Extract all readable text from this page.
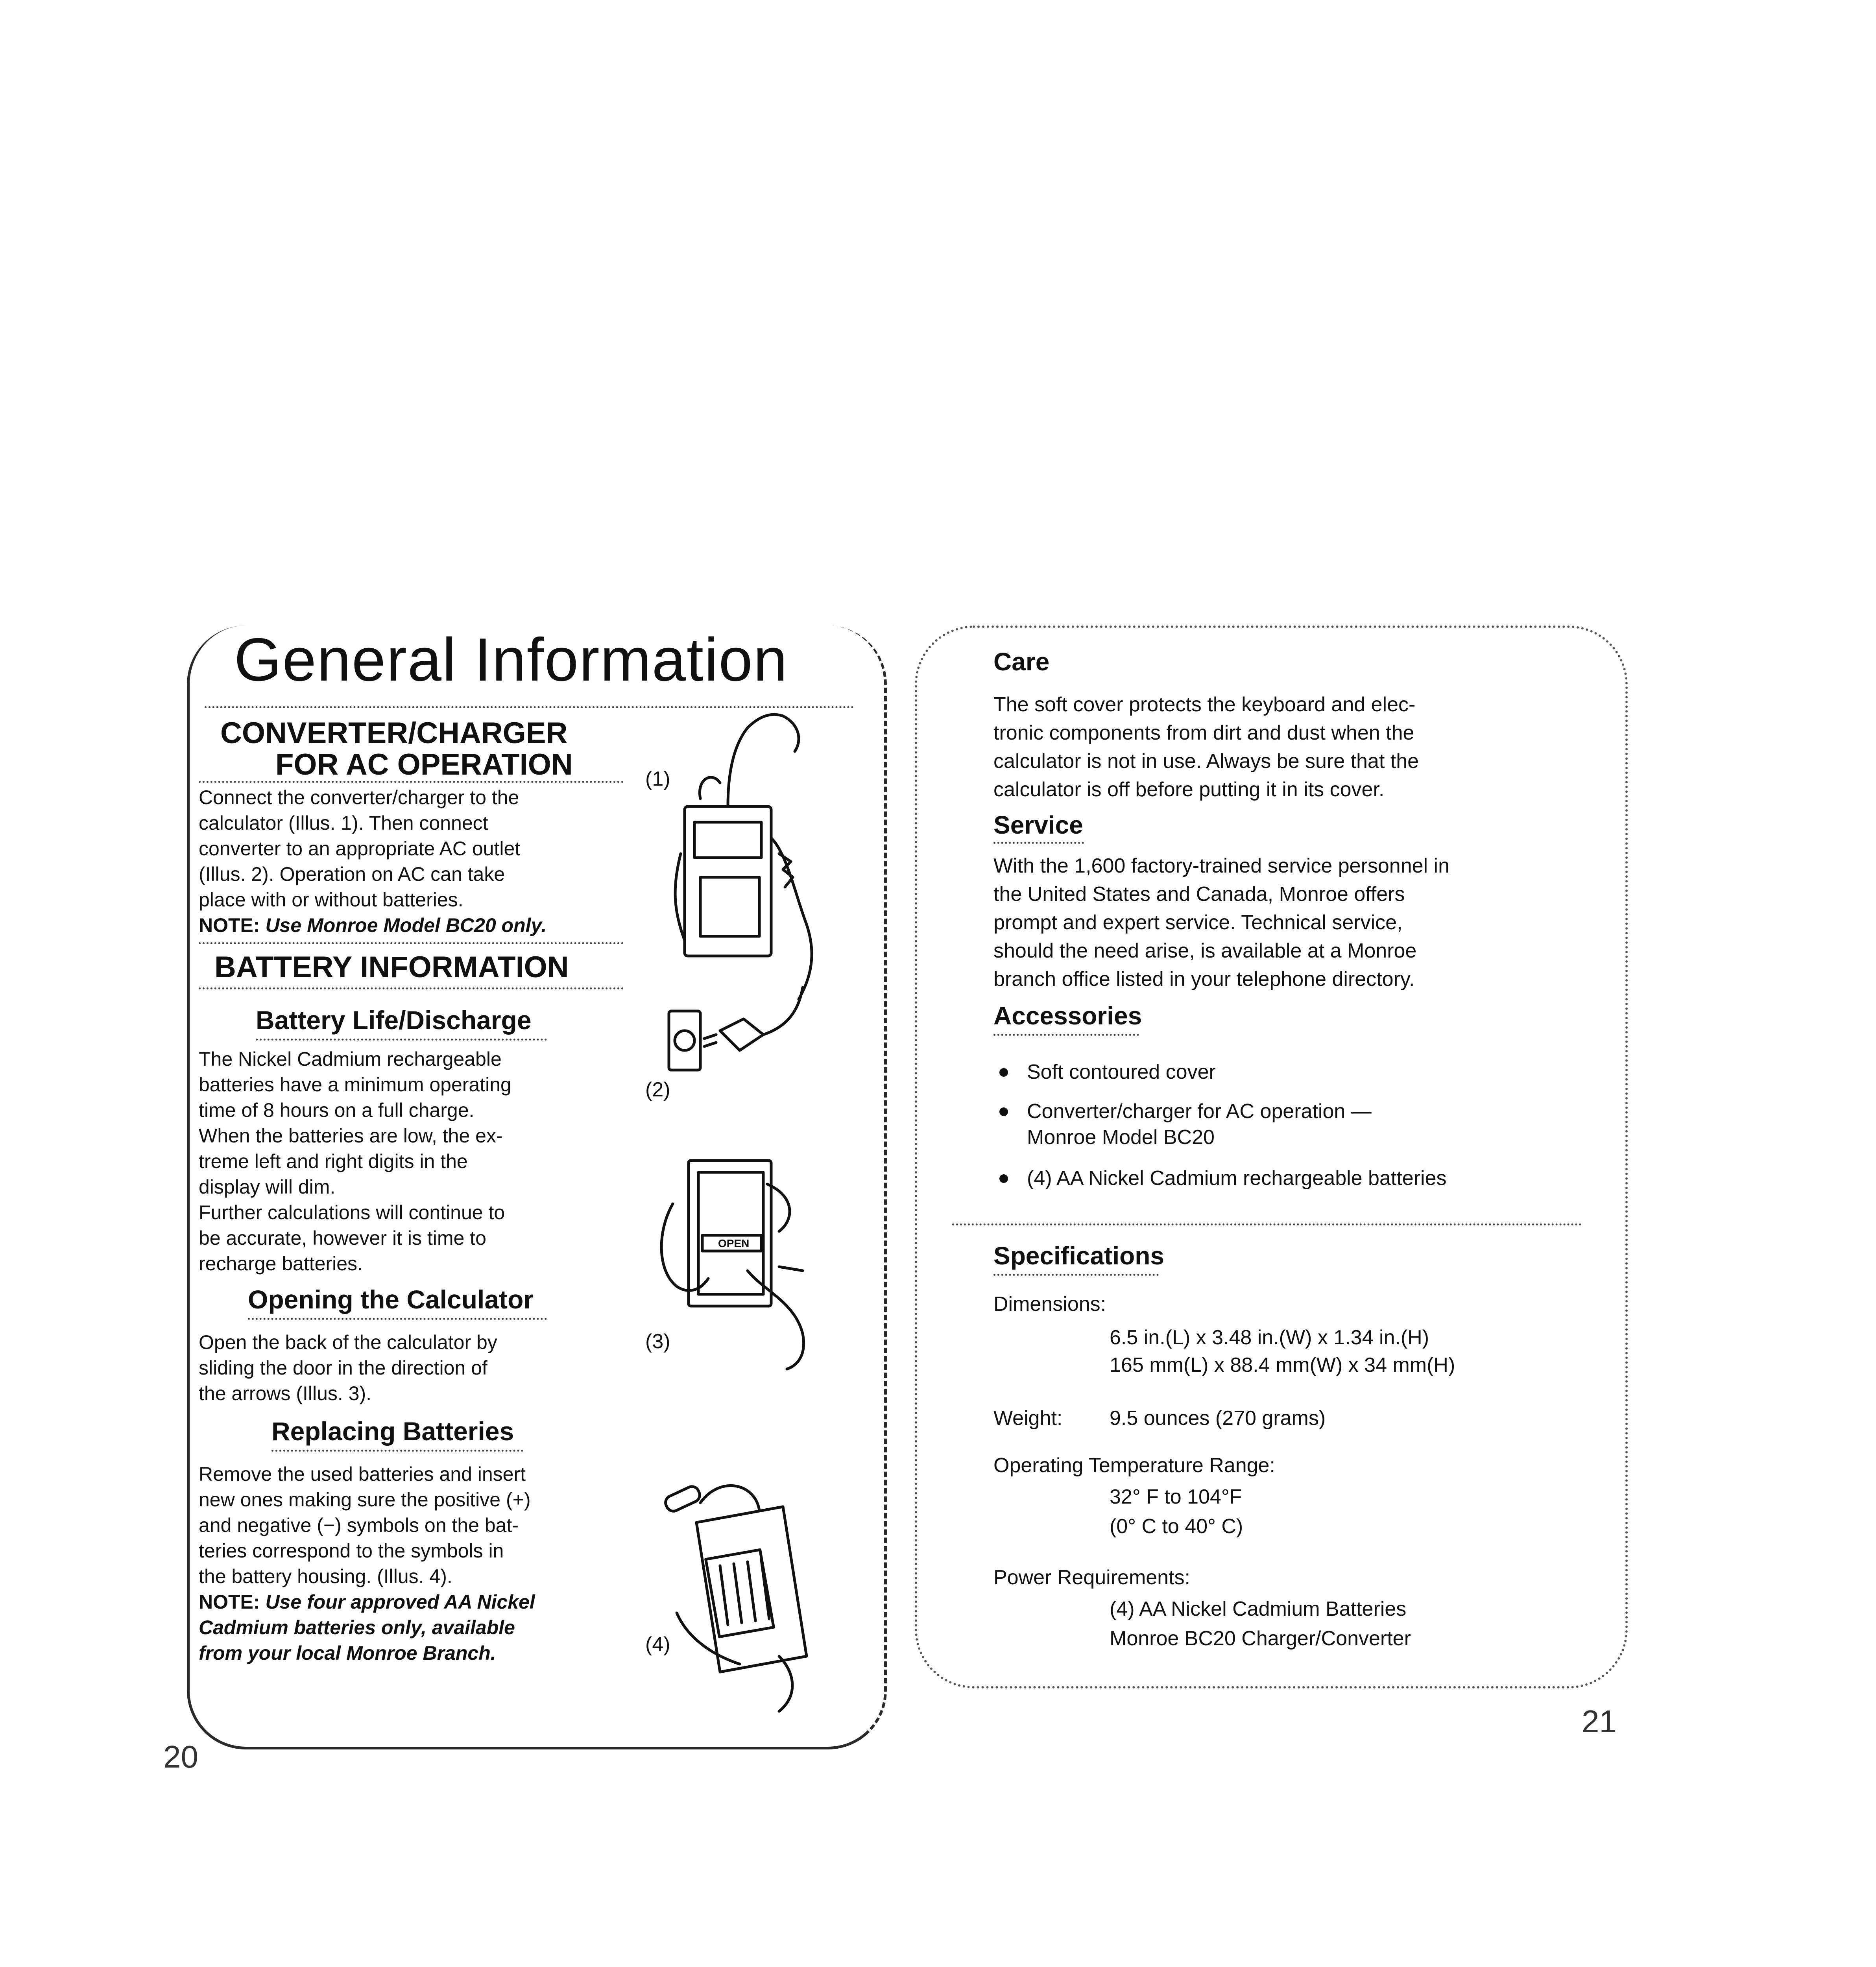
General Information
CONVERTER/CHARGER
FOR AC OPERATION

Connect the converter/charger to the

calculator (Illus. 1). Then connect

converter to an appropriate AC outlet

(Illus. 2). Operation on AC can take

place with or without batteries.

NOTE: Use Monroe Model BC20 only.

BATTERY INFORMATION
Battery Life/Discharge

The Nickel Cadmium rechargeable

batteries have a minimum operating

time of 8 hours on a full charge.

When the batteries are low, the ex-

treme left and right digits in the

display will dim.

Further calculations will continue to

be accurate, however it is time to

recharge batteries.

Opening the Calculator

Open the back of the calculator by

sliding the door in the direction of

the arrows (Illus. 3).

Replacing Batteries

Remove the used batteries and insert

new ones making sure the positive (+)

and negative (−) symbols on the bat-

teries correspond to the symbols in

the battery housing. (Illus. 4).

NOTE: Use four approved AA Nickel

Cadmium batteries only, available

from your local Monroe Branch.

(1)
(2)
(3)
(4)
OPEN
20
Care
The soft cover protects the keyboard and elec-
tronic components from dirt and dust when the
calculator is not in use. Always be sure that the
calculator is off before putting it in its cover.
Service
With the 1,600 factory-trained service personnel in
the United States and Canada, Monroe offers
prompt and expert service. Technical service,
should the need arise, is available at a Monroe
branch office listed in your telephone directory.
Accessories
Soft contoured cover
Converter/charger for AC operation —
Monroe Model BC20
(4) AA Nickel Cadmium rechargeable batteries
Specifications
Dimensions:
6.5 in.(L) x 3.48 in.(W) x 1.34 in.(H)
165 mm(L) x 88.4 mm(W) x 34 mm(H)
Weight: 9.5 ounces (270 grams)
Operating Temperature Range:
32° F to 104°F
(0° C to 40° C)
Power Requirements:
(4) AA Nickel Cadmium Batteries
Monroe BC20 Charger/Converter
21
